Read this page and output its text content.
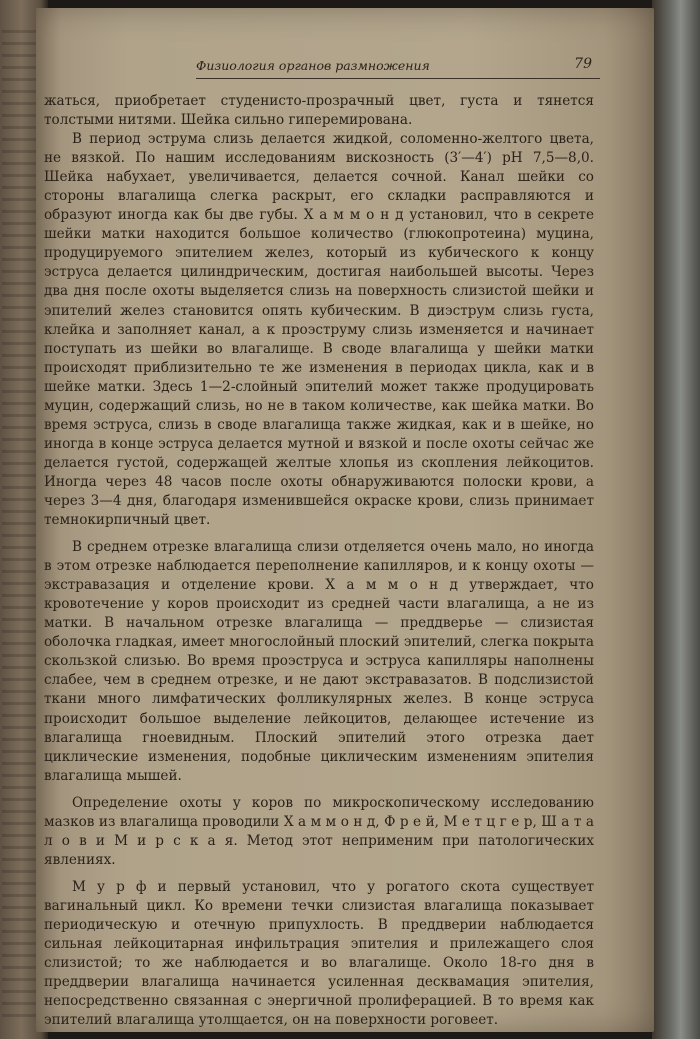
Физиология органов размножения	79

жаться, приобретает студенисто-прозрачный цвет, густа и тянется толстыми нитями. Шейка сильно гиперемирована.

В период эструма слизь делается жидкой, соломенно-желтого цвета, не вязкой. По нашим исследованиям вискозность (3′—4′) pH 7,5—8,0. Шейка набухает, увеличивается, делается сочной. Канал шейки со стороны влагалища слегка раскрыт, его складки расправляются и образуют иногда как бы две губы. Х а м м о н д установил, что в секрете шейки матки находится большое количество (глюкопротеина) муцина, продуцируемого эпителием желез, который из кубического к концу эструса делается цилиндрическим, достигая наибольшей высоты. Через два дня после охоты выделяется слизь на поверхность слизистой шейки и эпителий желез становится опять кубическим. В диэструм слизь густа, клейка и заполняет канал, а к проэструму слизь изменяется и начинает поступать из шейки во влагалище. В своде влагалища у шейки матки происходят приблизительно те же изменения в периодах цикла, как и в шейке матки. Здесь 1—2-слойный эпителий может также продуцировать муцин, содержащий слизь, но не в таком количестве, как шейка матки. Во время эструса, слизь в своде влагалища также жидкая, как и в шейке, но иногда в конце эструса делается мутной и вязкой и после охоты сейчас же делается густой, содержащей желтые хлопья из скопления лейкоцитов. Иногда через 48 часов после охоты обнаруживаются полоски крови, а через 3—4 дня, благодаря изменившейся окраске крови, слизь принимает темнокирпичный цвет.

В среднем отрезке влагалища слизи отделяется очень мало, но иногда в этом отрезке наблюдается переполнение капилляров, и к концу охоты — экстравазация и отделение крови. Х а м м о н д утверждает, что кровотечение у коров происходит из средней части влагалища, а не из матки. В начальном отрезке влагалища — преддверье — слизистая оболочка гладкая, имеет многослойный плоский эпителий, слегка покрыта скользкой слизью. Во время проэструса и эструса капилляры наполнены слабее, чем в среднем отрезке, и не дают экстравазатов. В подслизистой ткани много лимфатических фолликулярных желез. В конце эструса происходит большое выделение лейкоцитов, делающее истечение из влагалища гноевидным. Плоский эпителий этого отрезка дает циклические изменения, подобные циклическим изменениям эпителия влагалища мышей.

Определение охоты у коров по микроскопическому исследованию мазков из влагалища проводили Х а м м о н д, Ф р е й, М е т ц г е р, Ш а т а л о в и М и р с к а я. Метод этот неприменим при патологических явлениях.

М у р ф и первый установил, что у рогатого скота существует вагинальный цикл. Ко времени течки слизистая влагалища показывает периодическую и отечную припухлость. В преддверии наблюдается сильная лейкоцитарная инфильтрация эпителия и прилежащего слоя слизистой; то же наблюдается и во влагалище. Около 18-го дня в преддверии влагалища начинается усиленная десквамация эпителия, непосредственно связанная с энергичной пролиферацией. В то время как эпителий влагалища утолщается, он на поверхности роговеет.
